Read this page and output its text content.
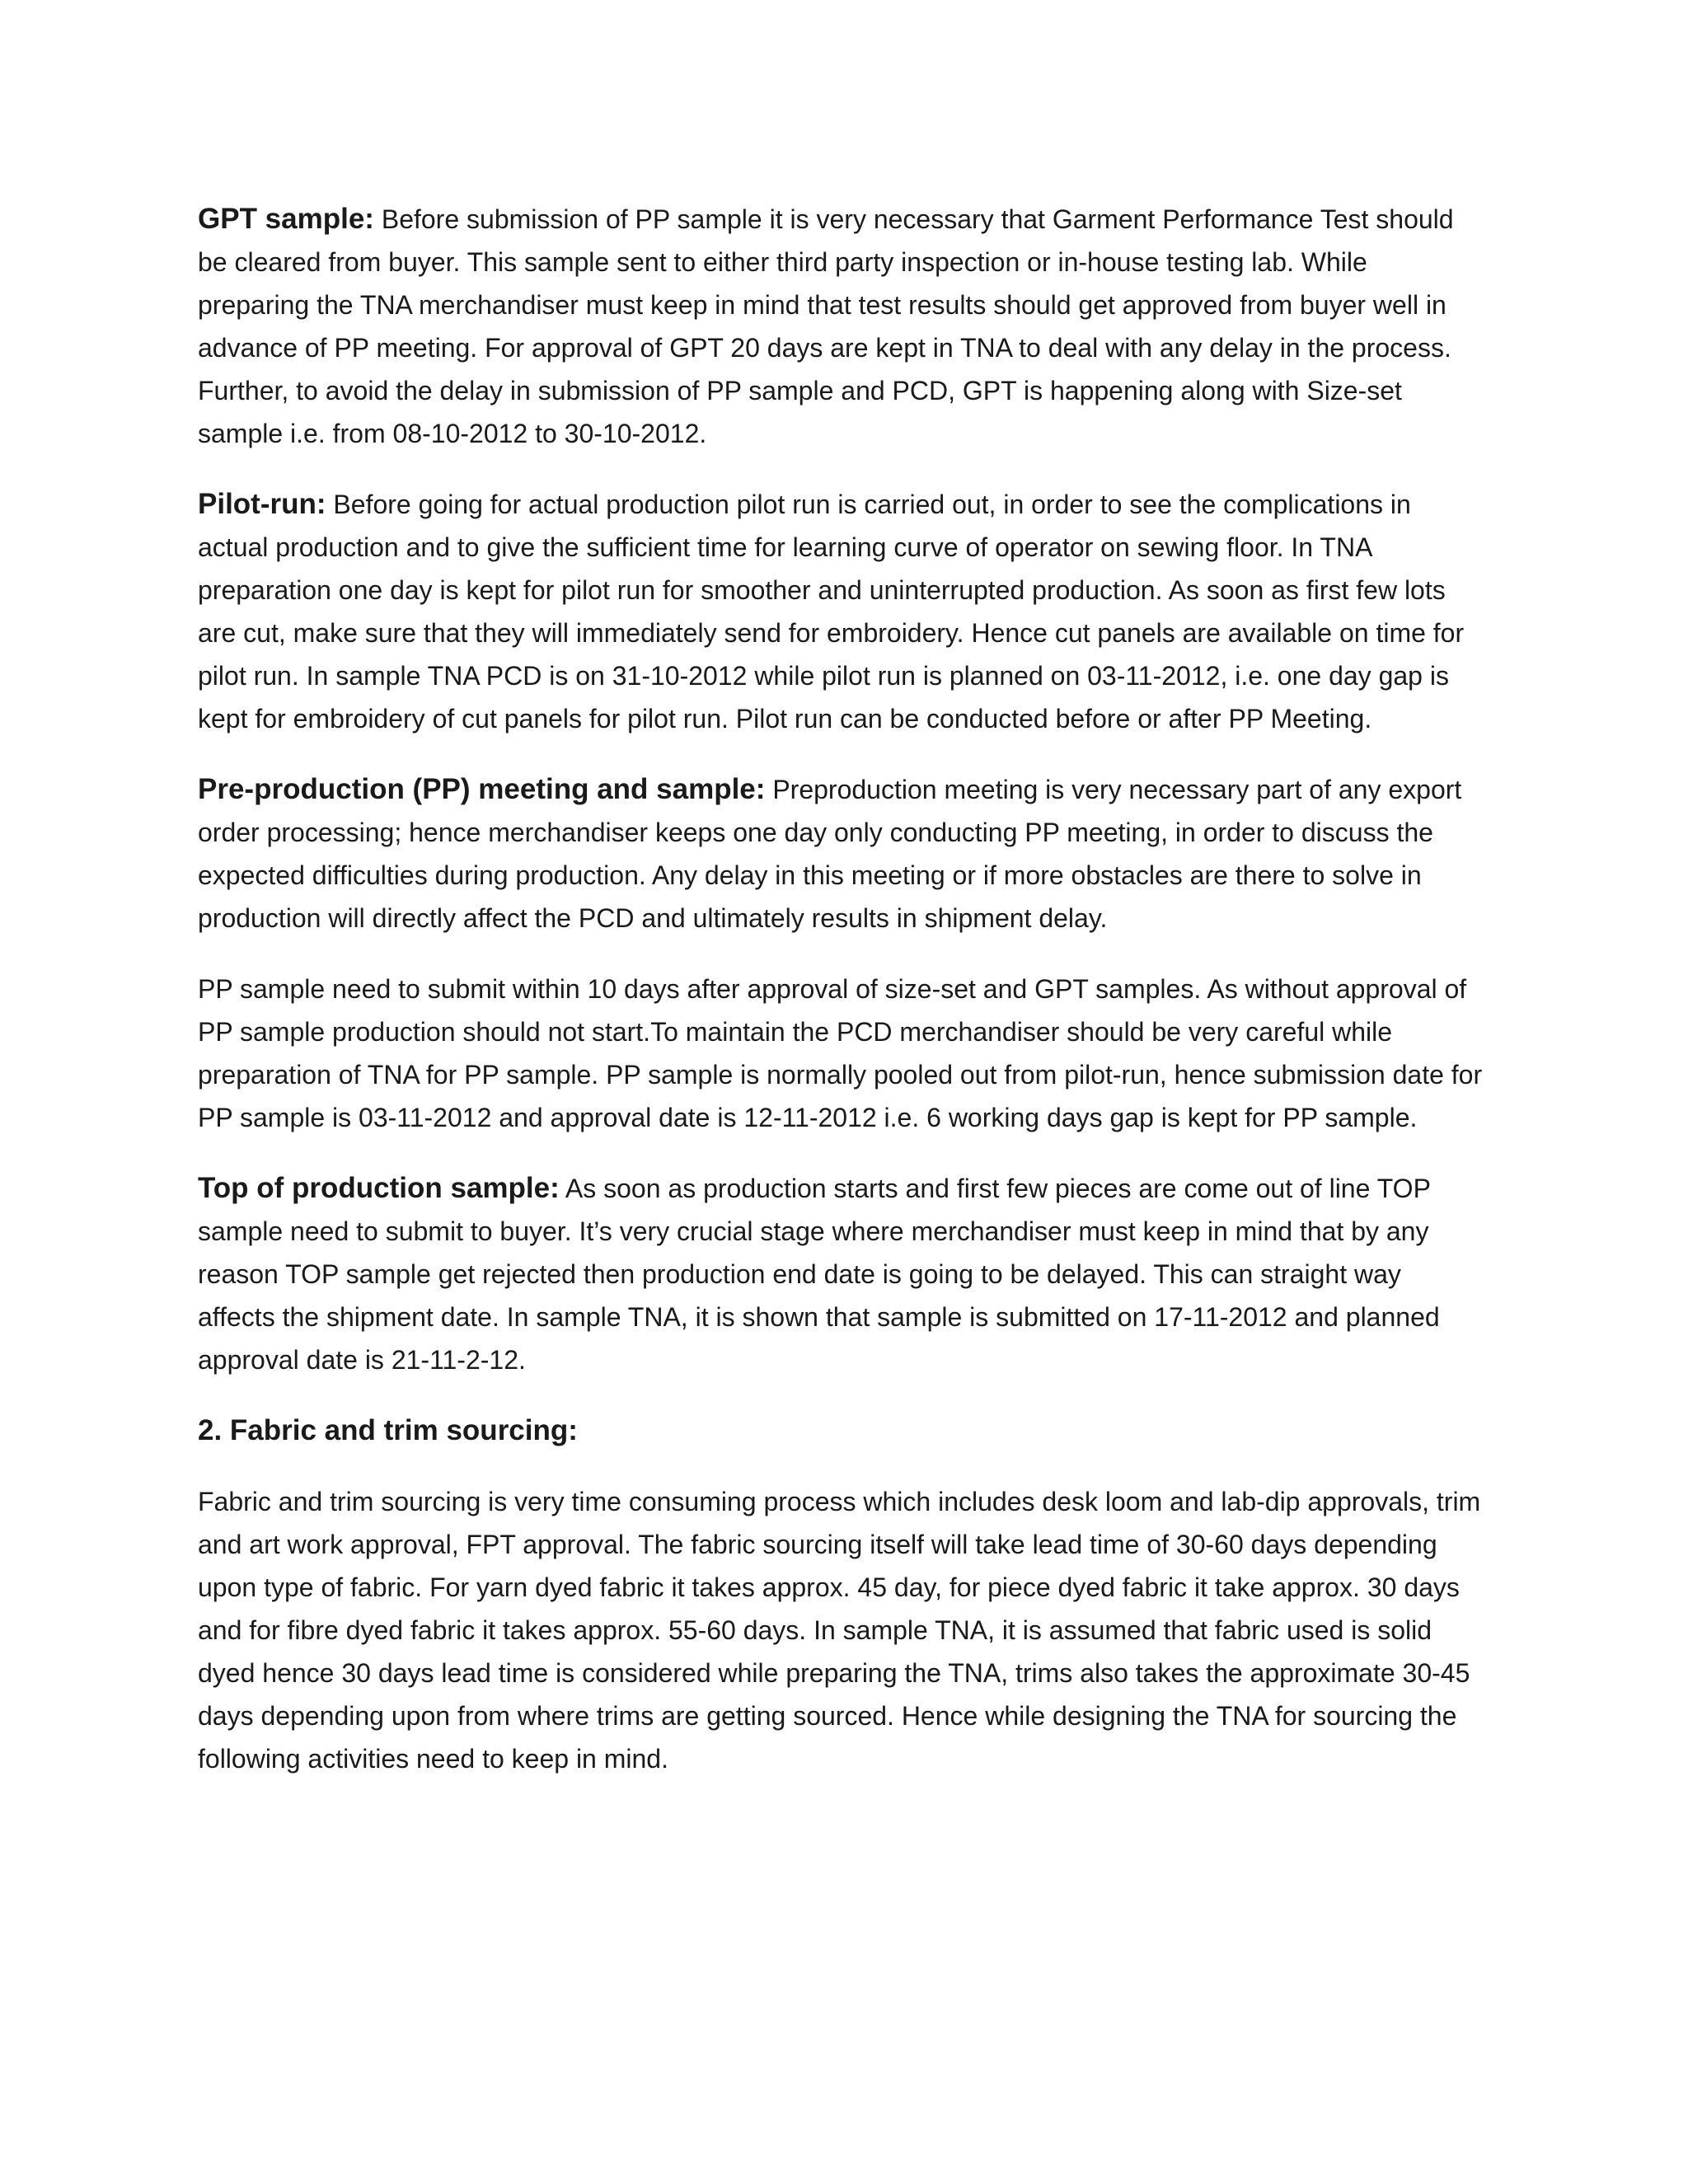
GPT sample: Before submission of PP sample it is very necessary that Garment Performance Test should be cleared from buyer. This sample sent to either third party inspection or in-house testing lab. While preparing the TNA merchandiser must keep in mind that test results should get approved from buyer well in advance of PP meeting. For approval of GPT 20 days are kept in TNA to deal with any delay in the process. Further, to avoid the delay in submission of PP sample and PCD, GPT is happening along with Size-set sample i.e. from 08-10-2012 to 30-10-2012.

Pilot-run: Before going for actual production pilot run is carried out, in order to see the complications in actual production and to give the sufficient time for learning curve of operator on sewing floor. In TNA preparation one day is kept for pilot run for smoother and uninterrupted production. As soon as first few lots are cut, make sure that they will immediately send for embroidery. Hence cut panels are available on time for pilot run. In sample TNA PCD is on 31-10-2012 while pilot run is planned on 03-11-2012, i.e. one day gap is kept for embroidery of cut panels for pilot run. Pilot run can be conducted before or after PP Meeting.

Pre-production (PP) meeting and sample: Preproduction meeting is very necessary part of any export order processing; hence merchandiser keeps one day only conducting PP meeting, in order to discuss the expected difficulties during production. Any delay in this meeting or if more obstacles are there to solve in production will directly affect the PCD and ultimately results in shipment delay.

PP sample need to submit within 10 days after approval of size-set and GPT samples. As without approval of PP sample production should not start.To maintain the PCD merchandiser should be very careful while preparation of TNA for PP sample. PP sample is normally pooled out from pilot-run, hence submission date for PP sample is 03-11-2012 and approval date is 12-11-2012 i.e. 6 working days gap is kept for PP sample.

Top of production sample: As soon as production starts and first few pieces are come out of line TOP sample need to submit to buyer. It’s very crucial stage where merchandiser must keep in mind that by any reason TOP sample get rejected then production end date is going to be delayed. This can straight way affects the shipment date. In sample TNA, it is shown that sample is submitted on 17-11-2012 and planned approval date is 21-11-2-12.

2. Fabric and trim sourcing:

Fabric and trim sourcing is very time consuming process which includes desk loom and lab-dip approvals, trim and art work approval, FPT approval. The fabric sourcing itself will take lead time of 30-60 days depending upon type of fabric. For yarn dyed fabric it takes approx. 45 day, for piece dyed fabric it take approx. 30 days and for fibre dyed fabric it takes approx. 55-60 days. In sample TNA, it is assumed that fabric used is solid dyed hence 30 days lead time is considered while preparing the TNA, trims also takes the approximate 30-45 days depending upon from where trims are getting sourced. Hence while designing the TNA for sourcing the following activities need to keep in mind.
